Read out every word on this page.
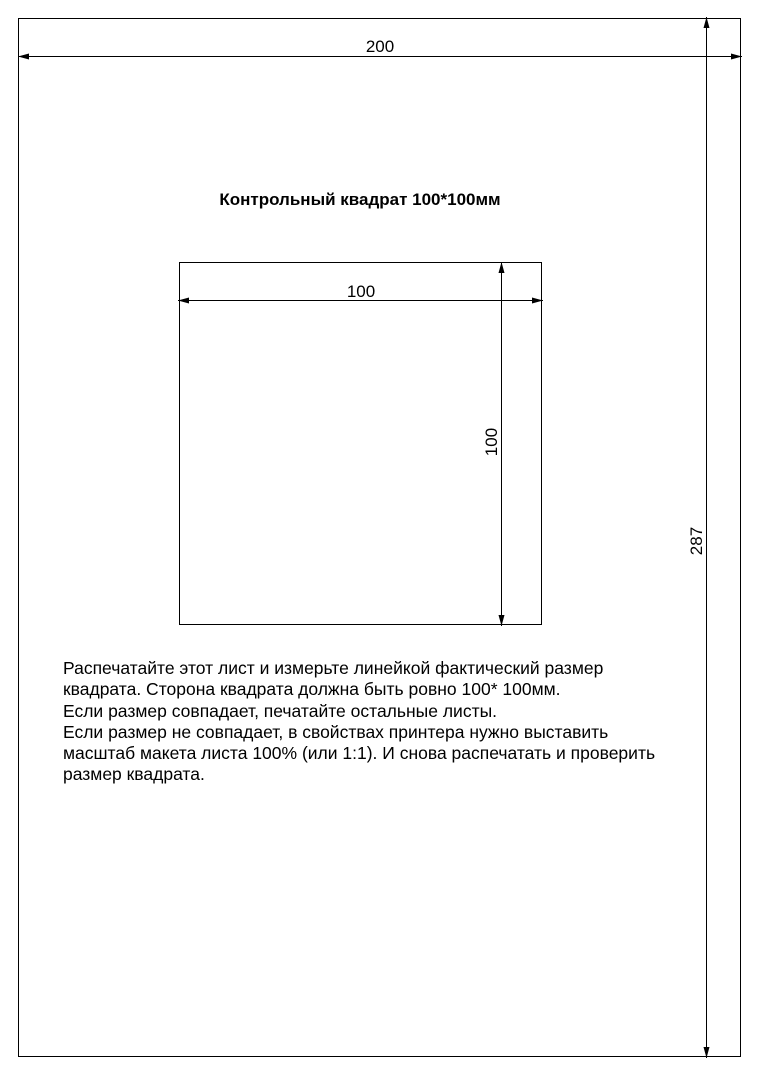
200
287
100
100
Контрольный квадрат 100*100мм

Распечатайте этот лист и измерьте линейкой фактический размер квадрата. Сторона квадрата должна быть ровно 100* 100мм.

Если размер совпадает, печатайте остальные листы.

Если размер не совпадает, в свойствах принтера нужно выставить масштаб макета листа 100% (или 1:1). И снова распечатать и проверить размер квадрата.
